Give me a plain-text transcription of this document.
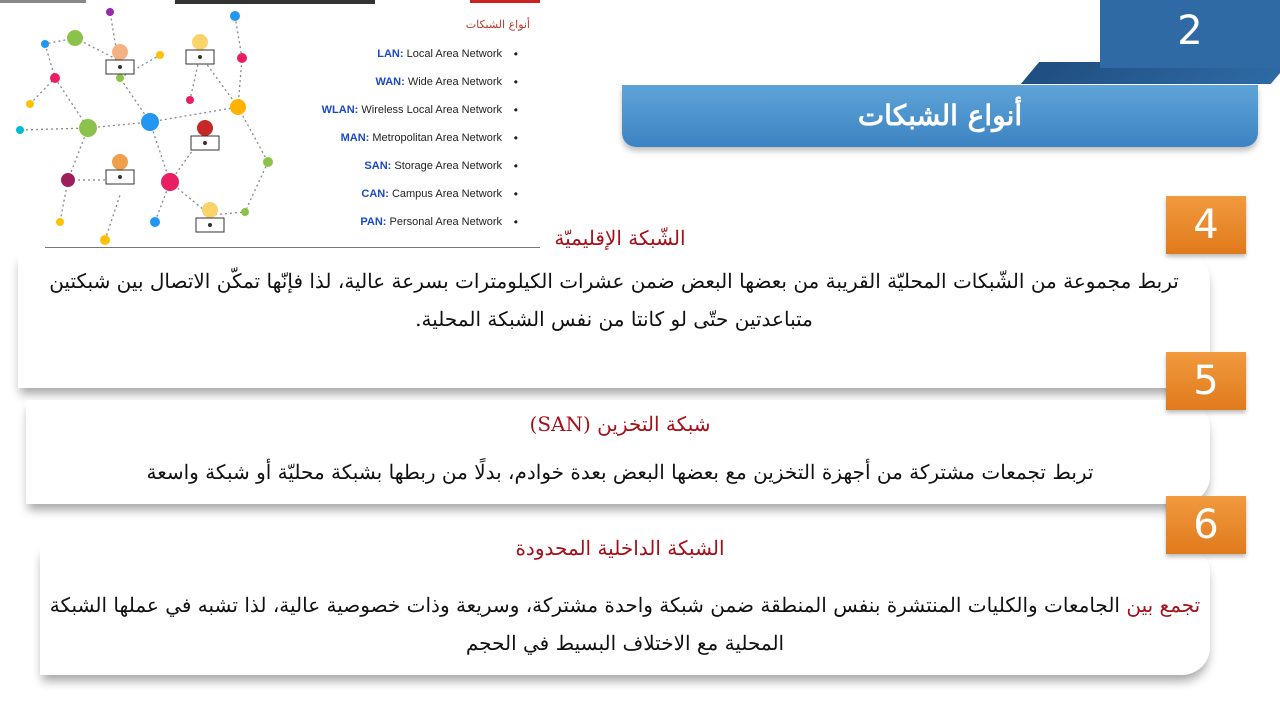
2
أنواع الشبكات
أنواع الشبكات
LAN: Local Area Network •
WAN: Wide Area Network •
WLAN: Wireless Local Area Network •
MAN: Metropolitan Area Network •
SAN: Storage Area Network •
CAN: Campus Area Network •
PAN: Personal Area Network •	4
الشّبكة الإقليميّة
تربط مجموعة من الشّبكات المحليّة القريبة من بعضها البعض ضمن عشرات الكيلومترات بسرعة عالية، لذا فإنّها تمكّن الاتصال بين شبكتين متباعدتين حتّى لو كانتا من نفس الشبكة المحلية.
5
شبكة التخزين (SAN)
تربط تجمعات مشتركة من أجهزة التخزين مع بعضها البعض بعدة خوادم، بدلًا من ربطها بشبكة محليّة أو شبكة واسعة
6
الشبكة الداخلية المحدودة
تجمع بين الجامعات والكليات المنتشرة بنفس المنطقة ضمن شبكة واحدة مشتركة، وسريعة وذات خصوصية عالية، لذا تشبه في عملها الشبكة المحلية مع الاختلاف البسيط في الحجم
